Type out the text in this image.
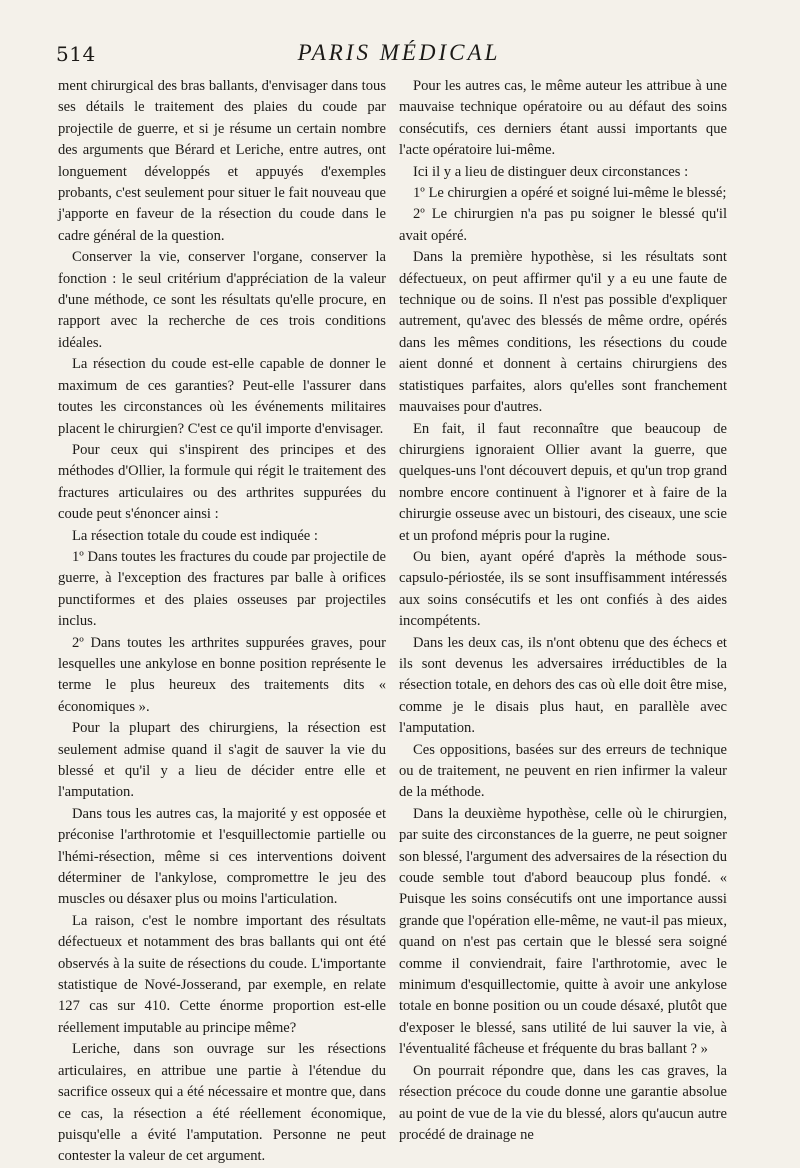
514	PARIS MÉDICAL

ment chirurgical des bras ballants, d'envisager dans tous ses détails le traitement des plaies du coude par projectile de guerre, et si je résume un certain nombre des arguments que Bérard et Leriche, entre autres, ont longuement développés et appuyés d'exemples probants, c'est seulement pour situer le fait nouveau que j'apporte en faveur de la résection du coude dans le cadre général de la question.

Conserver la vie, conserver l'organe, conserver la fonction : le seul critérium d'appréciation de la valeur d'une méthode, ce sont les résultats qu'elle procure, en rapport avec la recherche de ces trois conditions idéales.

La résection du coude est-elle capable de donner le maximum de ces garanties? Peut-elle l'assurer dans toutes les circonstances où les événements militaires placent le chirurgien? C'est ce qu'il importe d'envisager.

Pour ceux qui s'inspirent des principes et des méthodes d'Ollier, la formule qui régit le traitement des fractures articulaires ou des arthrites suppurées du coude peut s'énoncer ainsi :

La résection totale du coude est indiquée :

1º Dans toutes les fractures du coude par projectile de guerre, à l'exception des fractures par balle à orifices punctiformes et des plaies osseuses par projectiles inclus.

2º Dans toutes les arthrites suppurées graves, pour lesquelles une ankylose en bonne position représente le terme le plus heureux des traitements dits « économiques ».

Pour la plupart des chirurgiens, la résection est seulement admise quand il s'agit de sauver la vie du blessé et qu'il y a lieu de décider entre elle et l'amputation.

Dans tous les autres cas, la majorité y est opposée et préconise l'arthrotomie et l'esquillectomie partielle ou l'hémi-résection, même si ces interventions doivent déterminer de l'ankylose, compromettre le jeu des muscles ou désaxer plus ou moins l'articulation.

La raison, c'est le nombre important des résultats défectueux et notamment des bras ballants qui ont été observés à la suite de résections du coude. L'importante statistique de Nové-Josserand, par exemple, en relate 127 cas sur 410. Cette énorme proportion est-elle réellement imputable au principe même?

Leriche, dans son ouvrage sur les résections articulaires, en attribue une partie à l'étendue du sacrifice osseux qui a été nécessaire et montre que, dans ce cas, la résection a été réellement économique, puisqu'elle a évité l'amputation. Personne ne peut contester la valeur de cet argument.

Pour les autres cas, le même auteur les attribue à une mauvaise technique opératoire ou au défaut des soins consécutifs, ces derniers étant aussi importants que l'acte opératoire lui-même.

Ici il y a lieu de distinguer deux circonstances :

1º Le chirurgien a opéré et soigné lui-même le blessé;

2º Le chirurgien n'a pas pu soigner le blessé qu'il avait opéré.

Dans la première hypothèse, si les résultats sont défectueux, on peut affirmer qu'il y a eu une faute de technique ou de soins. Il n'est pas possible d'expliquer autrement, qu'avec des blessés de même ordre, opérés dans les mêmes conditions, les résections du coude aient donné et donnent à certains chirurgiens des statistiques parfaites, alors qu'elles sont franchement mauvaises pour d'autres.

En fait, il faut reconnaître que beaucoup de chirurgiens ignoraient Ollier avant la guerre, que quelques-uns l'ont découvert depuis, et qu'un trop grand nombre encore continuent à l'ignorer et à faire de la chirurgie osseuse avec un bistouri, des ciseaux, une scie et un profond mépris pour la rugine.

Ou bien, ayant opéré d'après la méthode sous-capsulo-périostée, ils se sont insuffisamment intéressés aux soins consécutifs et les ont confiés à des aides incompétents.

Dans les deux cas, ils n'ont obtenu que des échecs et ils sont devenus les adversaires irréductibles de la résection totale, en dehors des cas où elle doit être mise, comme je le disais plus haut, en parallèle avec l'amputation.

Ces oppositions, basées sur des erreurs de technique ou de traitement, ne peuvent en rien infirmer la valeur de la méthode.

Dans la deuxième hypothèse, celle où le chirurgien, par suite des circonstances de la guerre, ne peut soigner son blessé, l'argument des adversaires de la résection du coude semble tout d'abord beaucoup plus fondé. « Puisque les soins consécutifs ont une importance aussi grande que l'opération elle-même, ne vaut-il pas mieux, quand on n'est pas certain que le blessé sera soigné comme il conviendrait, faire l'arthrotomie, avec le minimum d'esquillectomie, quitte à avoir une ankylose totale en bonne position ou un coude désaxé, plutôt que d'exposer le blessé, sans utilité de lui sauver la vie, à l'éventualité fâcheuse et fréquente du bras ballant ? »

On pourrait répondre que, dans les cas graves, la résection précoce du coude donne une garantie absolue au point de vue de la vie du blessé, alors qu'aucun autre procédé de drainage ne
